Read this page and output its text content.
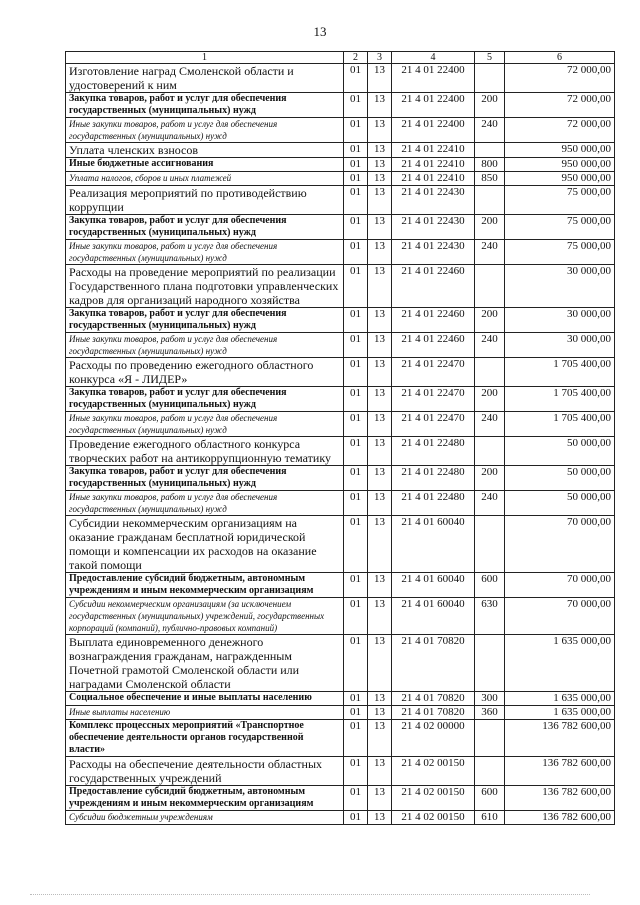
13
1	2	3	4	5	6
Изготовление наград Смоленской области и удостоверений к ним	01	13	21 4 01 22400		72 000,00
Закупка товаров, работ и услуг для обеспечения государственных (муниципальных) нужд	01	13	21 4 01 22400	200	72 000,00
Иные закупки товаров, работ и услуг для обеспечения государственных (муниципальных) нужд	01	13	21 4 01 22400	240	72 000,00
Уплата членских взносов	01	13	21 4 01 22410		950 000,00
Иные бюджетные ассигнования	01	13	21 4 01 22410	800	950 000,00
Уплата налогов, сборов и иных платежей	01	13	21 4 01 22410	850	950 000,00
Реализация мероприятий по противодействию коррупции	01	13	21 4 01 22430		75 000,00
Закупка товаров, работ и услуг для обеспечения государственных (муниципальных) нужд	01	13	21 4 01 22430	200	75 000,00
Иные закупки товаров, работ и услуг для обеспечения государственных (муниципальных) нужд	01	13	21 4 01 22430	240	75 000,00
Расходы на проведение мероприятий по реализации Государственного плана подготовки управленческих кадров для организаций народного хозяйства	01	13	21 4 01 22460		30 000,00
Закупка товаров, работ и услуг для обеспечения государственных (муниципальных) нужд	01	13	21 4 01 22460	200	30 000,00
Иные закупки товаров, работ и услуг для обеспечения государственных (муниципальных) нужд	01	13	21 4 01 22460	240	30 000,00
Расходы по проведению ежегодного областного конкурса «Я - ЛИДЕР»	01	13	21 4 01 22470		1 705 400,00
Закупка товаров, работ и услуг для обеспечения государственных (муниципальных) нужд	01	13	21 4 01 22470	200	1 705 400,00
Иные закупки товаров, работ и услуг для обеспечения государственных (муниципальных) нужд	01	13	21 4 01 22470	240	1 705 400,00
Проведение ежегодного областного конкурса творческих работ на антикоррупционную тематику	01	13	21 4 01 22480		50 000,00
Закупка товаров, работ и услуг для обеспечения государственных (муниципальных) нужд	01	13	21 4 01 22480	200	50 000,00
Иные закупки товаров, работ и услуг для обеспечения государственных (муниципальных) нужд	01	13	21 4 01 22480	240	50 000,00
Субсидии некоммерческим организациям на оказание гражданам бесплатной юридической помощи и компенсации их расходов на оказание такой помощи	01	13	21 4 01 60040		70 000,00
Предоставление субсидий бюджетным, автономным учреждениям и иным некоммерческим организациям	01	13	21 4 01 60040	600	70 000,00
Субсидии некоммерческим организациям (за исключением государственных (муниципальных) учреждений, государственных корпораций (компаний), публично-правовых компаний)	01	13	21 4 01 60040	630	70 000,00
Выплата единовременного денежного вознаграждения гражданам, награжденным Почетной грамотой Смоленской области или наградами Смоленской области	01	13	21 4 01 70820		1 635 000,00
Социальное обеспечение и иные выплаты населению	01	13	21 4 01 70820	300	1 635 000,00
Иные выплаты населению	01	13	21 4 01 70820	360	1 635 000,00
Комплекс процессных мероприятий «Транспортное обеспечение деятельности органов государственной власти»	01	13	21 4 02 00000		136 782 600,00
Расходы на обеспечение деятельности областных государственных учреждений	01	13	21 4 02 00150		136 782 600,00
Предоставление субсидий бюджетным, автономным учреждениям и иным некоммерческим организациям	01	13	21 4 02 00150	600	136 782 600,00
Субсидии бюджетным учреждениям	01	13	21 4 02 00150	610	136 782 600,00
